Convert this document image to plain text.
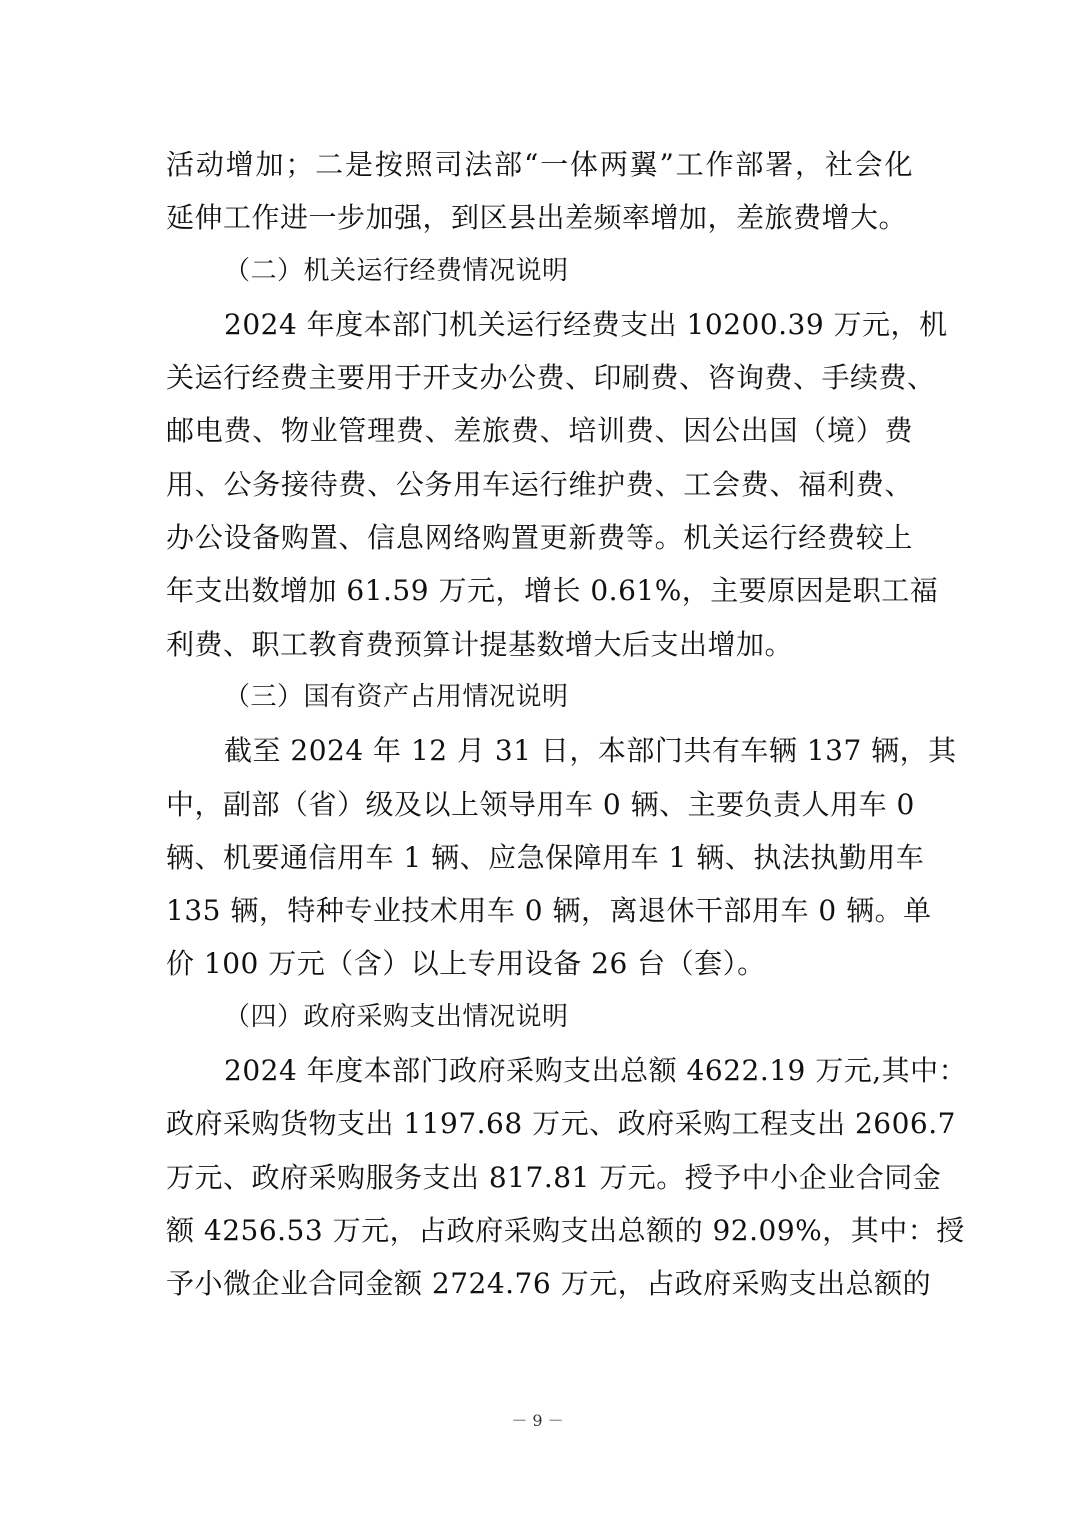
活动增加；二是按照司法部“一体两翼”工作部署，社会化
延伸工作进一步加强，到区县出差频率增加，差旅费增大。
（二）机关运行经费情况说明
2024 年度本部门机关运行经费支出 10200.39 万元，机
关运行经费主要用于开支办公费、印刷费、咨询费、手续费、
邮电费、物业管理费、差旅费、培训费、因公出国（境）费
用、公务接待费、公务用车运行维护费、工会费、福利费、
办公设备购置、信息网络购置更新费等。机关运行经费较上
年支出数增加 61.59 万元，增长 0.61%，主要原因是职工福
利费、职工教育费预算计提基数增大后支出增加。
（三）国有资产占用情况说明
截至 2024 年 12 月 31 日，本部门共有车辆 137 辆，其
中，副部（省）级及以上领导用车 0 辆、主要负责人用车 0
辆、机要通信用车 1 辆、应急保障用车 1 辆、执法执勤用车
135 辆，特种专业技术用车 0 辆，离退休干部用车 0 辆。单
价 100 万元（含）以上专用设备 26 台（套）。
（四）政府采购支出情况说明
2024 年度本部门政府采购支出总额 4622.19 万元,其中：
政府采购货物支出 1197.68 万元、政府采购工程支出 2606.7
万元、政府采购服务支出 817.81 万元。授予中小企业合同金
额 4256.53 万元，占政府采购支出总额的 92.09%，其中：授
予小微企业合同金额 2724.76 万元，占政府采购支出总额的
－ 9 －
